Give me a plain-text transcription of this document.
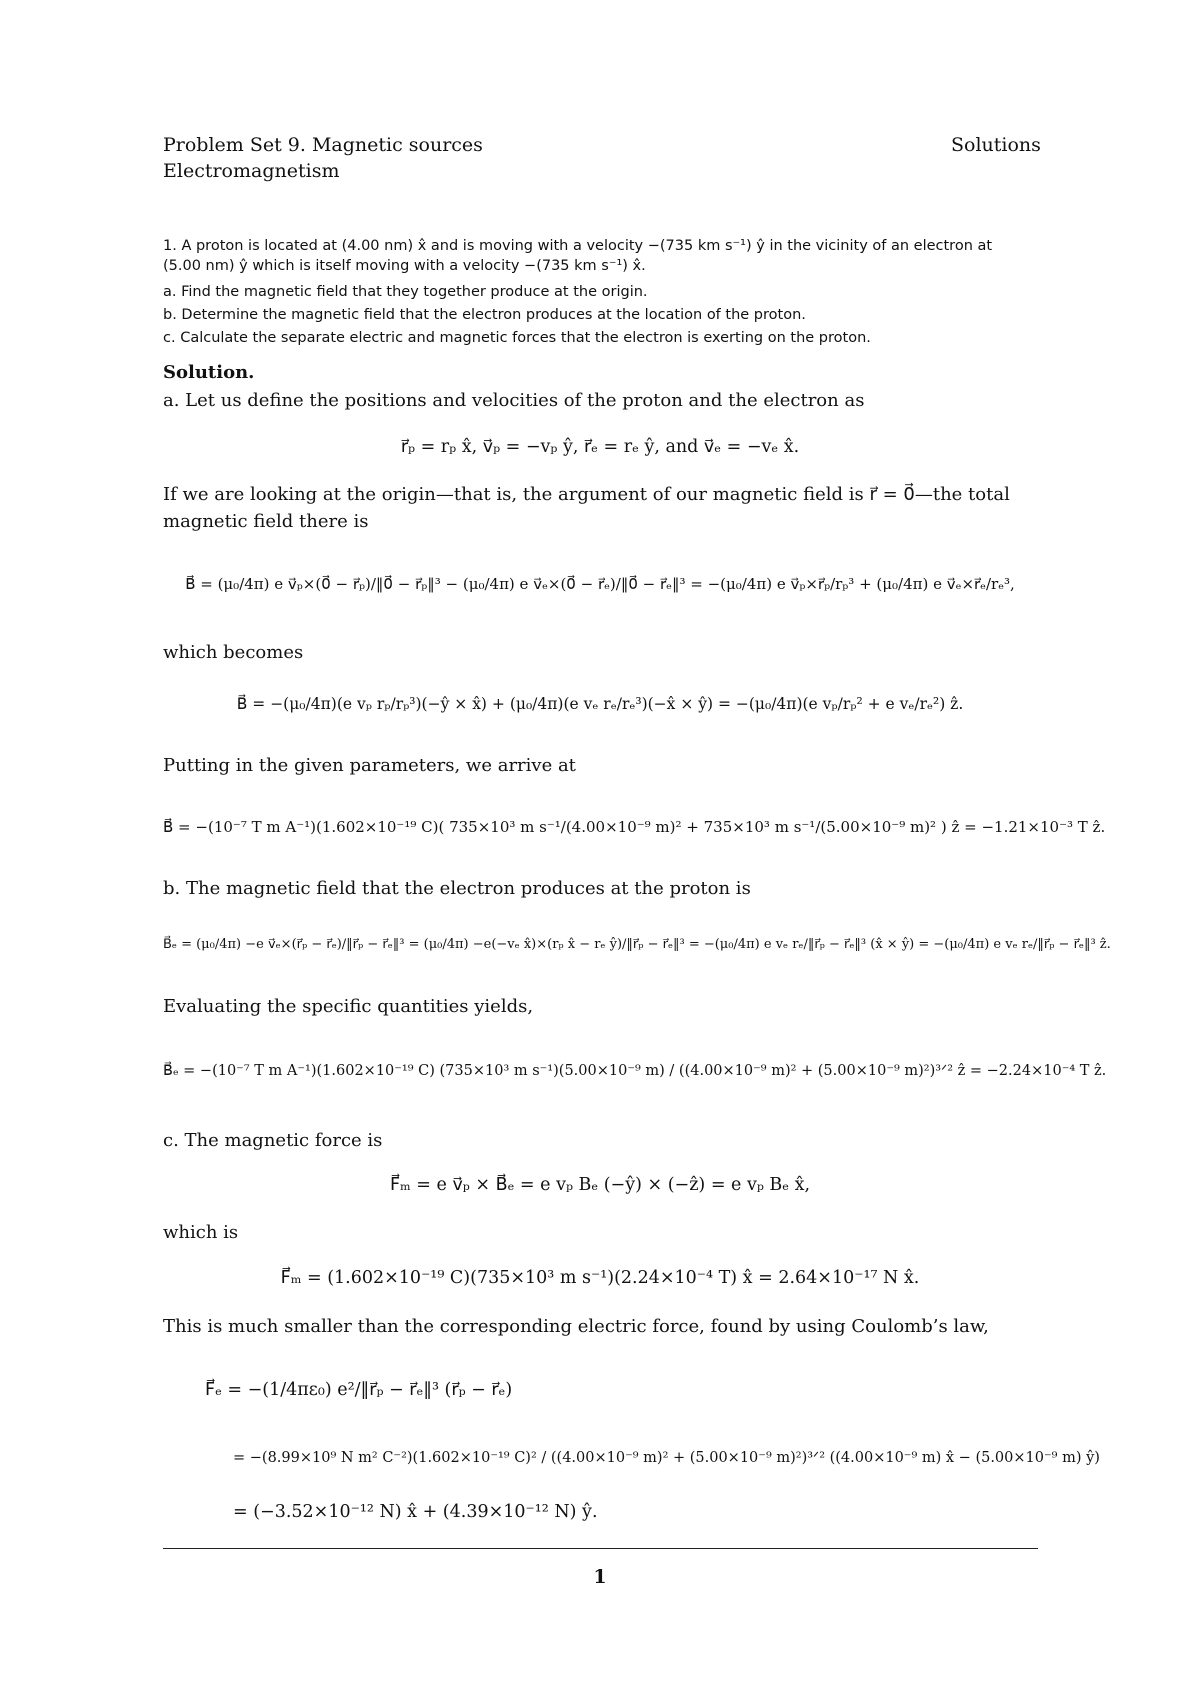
Problem Set 9. Magnetic sources
Electromagnetism
Solutions
1. A proton is located at (4.00 nm) x̂ and is moving with a velocity −(735 km s⁻¹) ŷ in the vicinity of an electron at
(5.00 nm) ŷ which is itself moving with a velocity −(735 km s⁻¹) x̂.
a. Find the magnetic field that they together produce at the origin.
b. Determine the magnetic field that the electron produces at the location of the proton.
c. Calculate the separate electric and magnetic forces that the electron is exerting on the proton.
Solution.
a. Let us define the positions and velocities of the proton and the electron as
r⃗ₚ = rₚ x̂, v⃗ₚ = −vₚ ŷ, r⃗ₑ = rₑ ŷ, and v⃗ₑ = −vₑ x̂.
If we are looking at the origin—that is, the argument of our magnetic field is r⃗ = 0⃗—the total
magnetic field there is
B⃗ = (μ₀/4π) e v⃗ₚ×(0⃗ − r⃗ₚ)/‖0⃗ − r⃗ₚ‖³ − (μ₀/4π) e v⃗ₑ×(0⃗ − r⃗ₑ)/‖0⃗ − r⃗ₑ‖³ = −(μ₀/4π) e v⃗ₚ×r⃗ₚ/rₚ³ + (μ₀/4π) e v⃗ₑ×r⃗ₑ/rₑ³,
which becomes
B⃗ = −(μ₀/4π)(e vₚ rₚ/rₚ³)(−ŷ × x̂) + (μ₀/4π)(e vₑ rₑ/rₑ³)(−x̂ × ŷ) = −(μ₀/4π)(e vₚ/rₚ² + e vₑ/rₑ²) ẑ.
Putting in the given parameters, we arrive at
B⃗ = −(10⁻⁷ T m A⁻¹)(1.602×10⁻¹⁹ C)( 735×10³ m s⁻¹/(4.00×10⁻⁹ m)² + 735×10³ m s⁻¹/(5.00×10⁻⁹ m)² ) ẑ = −1.21×10⁻³ T ẑ.
b. The magnetic field that the electron produces at the proton is
B⃗ₑ = (μ₀/4π) −e v⃗ₑ×(r⃗ₚ − r⃗ₑ)/‖r⃗ₚ − r⃗ₑ‖³ = (μ₀/4π) −e(−vₑ x̂)×(rₚ x̂ − rₑ ŷ)/‖r⃗ₚ − r⃗ₑ‖³ = −(μ₀/4π) e vₑ rₑ/‖r⃗ₚ − r⃗ₑ‖³ (x̂ × ŷ) = −(μ₀/4π) e vₑ rₑ/‖r⃗ₚ − r⃗ₑ‖³ ẑ.
Evaluating the specific quantities yields,
B⃗ₑ = −(10⁻⁷ T m A⁻¹)(1.602×10⁻¹⁹ C) (735×10³ m s⁻¹)(5.00×10⁻⁹ m) / ((4.00×10⁻⁹ m)² + (5.00×10⁻⁹ m)²)³ᐟ² ẑ = −2.24×10⁻⁴ T ẑ.
c. The magnetic force is
F⃗ₘ = e v⃗ₚ × B⃗ₑ = e vₚ Bₑ (−ŷ) × (−ẑ) = e vₚ Bₑ x̂,
which is
F⃗ₘ = (1.602×10⁻¹⁹ C)(735×10³ m s⁻¹)(2.24×10⁻⁴ T) x̂ = 2.64×10⁻¹⁷ N x̂.
This is much smaller than the corresponding electric force, found by using Coulomb’s law,
F⃗ₑ = −(1/4πε₀) e²/‖r⃗ₚ − r⃗ₑ‖³ (r⃗ₚ − r⃗ₑ)
= −(8.99×10⁹ N m² C⁻²)(1.602×10⁻¹⁹ C)² / ((4.00×10⁻⁹ m)² + (5.00×10⁻⁹ m)²)³ᐟ² ((4.00×10⁻⁹ m) x̂ − (5.00×10⁻⁹ m) ŷ)
= (−3.52×10⁻¹² N) x̂ + (4.39×10⁻¹² N) ŷ.
1
